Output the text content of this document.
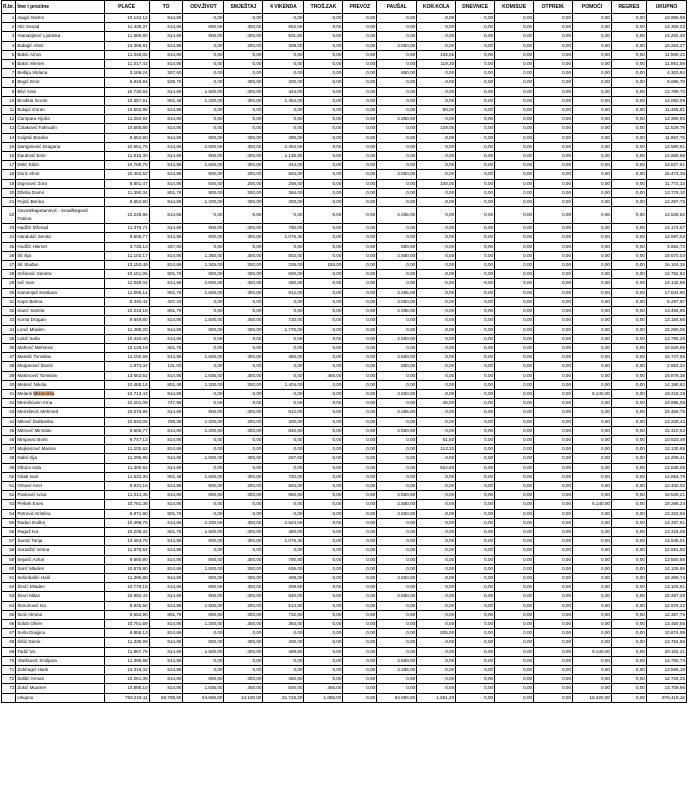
R.br.	Ime i prezime	PLAĆE	TO	ODV.ŽIVOT	SMJEŠTAJ	4 VIKENDA	TROŠ.ZAK	PREVOZ	PAUŠAL	KOR.KOLA	DNEVNICE	KOMISIJE	OTPREM.	POMOĆI	REGRES	UKUPNO
1	Alagić Nezim	10.142,12	814,86	0,00	0,00	0,00	0,00	0,00	0,00	0,00	0,00	0,00	0,00	0,00	0,00	10.956,98
2	Alić Senad	11.439,37	814,86	900,00	300,00	852,00	0,00	0,00	0,00	0,00	0,00	0,00	0,00	0,00	0,00	14.306,23
3	Atanasijević Ljubinka	11.685,80	814,86	900,00	300,00	501,60	0,00	0,00	0,00	0,00	0,00	0,00	0,00	0,00	0,00	14.202,26
4	Babajić Almir	10.388,81	814,86	0,00	300,00	309,60	0,00	0,00	2.550,00	0,00	0,00	0,00	0,00	0,00	0,00	15.263,27
5	Babić Amra	11.048,02	814,86	0,00	0,00	0,00	0,00	0,00	0,00	106,55	0,00	0,00	0,00	0,00	0,00	11.969,43
6	Babić Mirnes	11.017,43	814,86	0,00	0,00	0,00	0,00	0,00	0,00	119,30	0,00	0,00	0,00	0,00	0,00	11.951,59
7	Bešlija Vildana	3.186,24	267,60	0,00	0,00	0,00	0,00	0,00	850,00	0,00	0,00	0,00	0,00	0,00	0,00	4.303,84
8	Begić Emir	6.946,94	539,76	0,00	300,00	200,00	0,00	0,00	0,00	0,00	0,00	0,00	0,00	0,00	0,00	8.086,70
9	Bilić Anto	10.730,84	814,86	1.500,00	300,00	444,00	0,00	0,00	0,00	0,00	0,00	0,00	0,00	0,00	0,00	13.789,70
10	Brođeta Goran	10.357,61	801,48	1.200,00	300,00	1.404,00	0,00	0,00	0,00	0,00	0,00	0,00	0,00	0,00	0,00	14.063,09
11	Bulajić Goran	10.592,95	814,86	0,00	0,00	0,00	0,00	0,00	0,00	58,00	0,00	0,00	0,00	0,00	0,00	11.465,81
12	Čampara Aljoša	11.204,94	814,86	0,00	0,00	0,00	0,00	0,00	2.380,00	0,00	0,00	0,00	0,00	0,00	0,00	14.399,80
13	Čolaković Fahrudin	10.585,88	814,86	0,00	0,00	0,00	0,00	0,00	0,00	129,05	0,00	0,00	0,00	0,00	0,00	11.529,79
14	Cvijetić Branka	9.652,90	814,86	900,00	300,00	390,00	0,00	0,00	0,00	0,00	0,00	0,00	0,00	0,00	0,00	11.967,76
15	Damjanović Dragana	10.561,75	814,86	1.500,00	300,00	1.404,00	0,00	0,00	0,00	0,00	0,00	0,00	0,00	0,00	0,00	14.580,61
16	Dautović Emir	11.515,30	814,86	900,00	300,00	1.138,80	0,00	0,00	0,00	0,00	0,00	0,00	0,00	0,00	0,00	14.668,96
17	Delić Eldin	10.768,75	814,86	1.500,00	300,00	444,00	0,00	0,00	0,00	0,00	0,00	0,00	0,00	0,00	0,00	13.827,61
18	Dorić Almir	10.404,52	814,86	900,00	300,00	504,00	0,00	0,00	2.550,00	0,00	0,00	0,00	0,00	0,00	0,00	15.473,38
19	Dujmović Zora	9.801,47	814,86	600,00	200,00	256,00	0,00	0,00	0,00	100,00	0,00	0,00	0,00	0,00	0,00	11.772,33
20	Džeba Damir	11.390,34	801,76	900,00	300,00	384,00	0,00	0,00	0,00	0,00	0,00	0,00	0,00	0,00	0,00	13.776,10
21	Fejzić Berina	9.652,90	814,86	1.200,00	300,00	300,00	0,00	0,00	0,00	0,00	0,00	0,00	0,00	0,00	0,00	12.267,76
22	Gavrankapetanović - Smailbegović Fatima	10.245,96	814,86	0,00	0,00	0,00	0,00	0,00	2.465,00	0,00	0,00	0,00	0,00	0,00	0,00	13.525,82
23	Hadžić Dževad	11.378,71	814,86	900,00	300,00	780,00	0,00	0,00	0,00	0,00	0,00	0,00	0,00	0,00	0,00	14.173,57
24	Handukić Senita	9.605,77	814,86	900,00	300,00	1.076,40	0,00	0,00	0,00	0,00	0,00	0,00	0,00	0,00	0,00	12.697,03
25	Hodžić Hikmet	3.735,13	267,60	0,00	0,00	0,00	0,00	0,00	850,00	0,00	0,00	0,00	0,00	0,00	0,00	4.852,73
26	Ilić Ilija	11.103,17	814,86	1.350,00	300,00	552,00	0,00	0,00	2.550,00	0,00	0,00	0,00	0,00	0,00	0,00	16.670,03
27	Ilić Slađan	13.153,49	814,86	1.345,00	300,00	336,00	155,00	0,00	0,00	0,00	0,00	0,00	0,00	0,00	0,00	16.104,35
28	Imširović Sandra	10.151,06	801,76	900,00	300,00	600,00	0,00	0,00	0,00	0,00	0,00	0,00	0,00	0,00	0,00	12.752,82
29	Ivić Ivan	11.048,02	814,86	1.500,00	300,00	480,00	0,00	0,00	0,00	0,00	0,00	0,00	0,00	0,00	0,00	14.142,88
30	Kamenjaš Svetlana	11.066,14	801,76	1.500,00	300,00	912,00	0,00	0,00	2.465,00	0,00	0,00	0,00	0,00	0,00	0,00	17.044,90
31	Kapo Belma	5.340,44	407,43	0,00	0,00	0,00	0,00	0,00	2.550,00	0,00	0,00	0,00	0,00	0,00	0,00	8.297,87
32	Kiarić Sanela	10.218,19	801,76	0,00	0,00	0,00	0,00	0,00	2.465,00	0,00	0,00	0,00	0,00	0,00	0,00	13.484,95
33	Konta Dragan	9.649,80	814,86	1.500,00	300,00	720,00	0,00	0,00	0,00	0,00	0,00	0,00	0,00	0,00	0,00	13.184,66
34	Lonić Mladen	11.489,20	814,86	900,00	300,00	1.776,00	0,00	0,00	0,00	0,00	0,00	0,00	0,00	0,00	0,00	15.280,06
35	Lukić Saša	10.420,40	814,86	0,00	0,00	0,00	0,00	0,00	2.550,00	0,00	0,00	0,00	0,00	0,00	0,00	13.785,26
36	Mahmić Mehmed	10.128,19	801,76	0,00	0,00	0,00	0,00	0,00	0,00	0,00	0,00	0,00	0,00	0,00	0,00	10.929,95
37	Mandić Tomislav	11.102,69	814,86	1.500,00	300,00	480,00	0,00	0,00	2.550,00	0,00	0,00	0,00	0,00	0,00	0,00	16.747,55
38	Marjanović Damir	1.873,34	131,00	0,00	0,00	0,00	0,00	0,00	850,00	0,00	0,00	0,00	0,00	0,00	0,00	2.854,34
39	Martinović Tomislav	13.663,52	814,86	1.635,00	300,00	0,00	465,00	0,00	0,00	0,00	0,00	0,00	0,00	0,00	0,00	16.878,38
40	Meterić Nikola	10.485,14	801,48	1.200,00	300,00	1.404,00	0,00	0,00	0,00	0,00	0,00	0,00	0,00	0,00	0,00	14.190,62
41	Melank Mizemirka	10.713,43	814,86	0,00	0,00	0,00	0,00	0,00	2.550,00	0,00	0,00	0,00	0,00	5.140,00	0,00	19.218,29
42	Memišćanin Irma	10.201,09	747,96	0,00	0,00	0,00	0,00	0,00	0,00	46,00	0,00	0,00	0,00	0,00	0,00	10.995,05
43	Memišević Mehmed	10.076,89	814,86	900,00	300,00	912,00	0,00	0,00	2.465,00	0,00	0,00	0,00	0,00	0,00	0,00	15.468,75
44	Milović Dalibonka	10.640,05	788,38	1.200,00	300,00	300,00	0,00	0,00	0,00	0,00	0,00	0,00	0,00	0,00	0,00	13.228,43
45	Mitrović Miroslav	9.605,77	814,86	1.200,00	300,00	840,00	0,00	0,00	2.550,00	0,00	0,00	0,00	0,00	0,00	0,00	15.310,63
46	Mrnjavac Boris	9.747,13	814,86	0,00	0,00	0,00	0,00	0,00	0,00	61,50	0,00	0,00	0,00	0,00	0,00	10.623,49
47	Mujkanović Marina	11.202,62	814,86	0,00	0,00	0,00	0,00	0,00	0,00	113,20	0,00	0,00	0,00	0,00	0,00	12.130,68
48	Nakić Ilija	11.295,95	814,86	1.500,00	300,00	297,60	0,00	0,00	0,00	0,00	0,00	0,00	0,00	0,00	0,00	14.208,41
49	Obuća Aida	11.400,62	814,86	0,00	0,00	0,00	0,00	0,00	0,00	622,60	0,00	0,00	0,00	0,00	0,00	12.838,08
50	Odak Ivan	11.533,30	801,48	1.500,00	300,00	720,00	0,00	0,00	0,00	0,00	0,00	0,00	0,00	0,00	0,00	14.854,78
51	Orlović Amir	9.931,16	814,86	900,00	300,00	504,00	0,00	0,00	0,00	0,00	0,00	0,00	0,00	0,00	0,00	12.450,02
52	Pavković Ivica	11.014,35	814,86	900,00	300,00	960,00	0,00	0,00	2.550,00	0,00	0,00	0,00	0,00	0,00	0,00	16.539,21
53	Peštek Enes	10.781,38	814,86	0,00	0,00	0,00	0,00	0,00	2.550,00	0,00	0,00	0,00	0,00	5.140,00	0,00	19.286,24
54	Petrović Kristina	9.971,80	801,76	0,00	0,00	0,00	0,00	0,00	2.550,00	0,00	0,00	0,00	0,00	0,00	0,00	13.323,56
55	Radun Duško	10.498,75	814,86	1.200,00	300,00	1.524,00	0,00	0,00	0,00	0,00	0,00	0,00	0,00	0,00	0,00	14.337,61
56	Raguž Iva	10.236,32	801,76	1.500,00	300,00	480,00	0,00	0,00	0,00	0,00	0,00	0,00	0,00	0,00	0,00	13.318,08
57	Šantić Tanja	10.453,75	814,86	900,00	300,00	1.076,40	0,00	0,00	0,00	0,00	0,00	0,00	0,00	0,00	0,00	13.545,01
58	Saradžić Vesna	11.876,64	814,86	0,00	0,00	0,00	0,00	0,00	0,00	0,00	0,00	0,00	0,00	0,00	0,00	12.691,50
59	Sejarić Azhar	9.694,90	814,86	900,00	300,00	790,80	0,00	0,00	0,00	0,00	0,00	0,00	0,00	0,00	0,00	12.500,56
60	Šarić Mladen	10.875,80	814,86	1.500,00	300,00	636,00	0,00	0,00	0,00	0,00	0,00	0,00	0,00	0,00	0,00	14.126,66
61	Selimbašić Halil	11.395,88	814,86	900,00	300,00	408,00	0,00	0,00	2.550,00	0,00	0,00	0,00	0,00	0,00	0,00	16.368,74
62	Šimić Mladen	10.779,15	814,86	900,00	300,00	309,60	0,00	0,00	0,00	0,00	0,00	0,00	0,00	0,00	0,00	13.103,61
63	Ševo Milan	10.992,43	814,86	900,00	300,00	840,00	0,00	0,00	2.550,00	0,00	0,00	0,00	0,00	0,00	0,00	16.397,29
64	Šimunović Ivo	9.845,56	814,86	1.500,00	300,00	514,80	0,00	0,00	0,00	0,00	0,00	0,00	0,00	0,00	0,00	12.975,22
65	Sivić Almina	9.652,90	801,76	900,00	300,00	732,00	0,00	0,00	0,00	0,00	0,00	0,00	0,00	0,00	0,00	12.387,76
66	Soldo Oliver	10.751,69	814,86	1.200,00	300,00	384,00	0,00	0,00	0,00	0,00	0,00	0,00	0,00	0,00	0,00	13.450,55
67	Suša Dragica	9.855,13	814,86	0,00	0,00	0,00	0,00	0,00	0,00	205,00	0,00	0,00	0,00	0,00	0,00	10.874,99
68	Šišić Damir	11.339,99	814,86	900,00	300,00	400,00	0,00	0,00	0,00	0,00	0,00	0,00	0,00	0,00	0,00	13.754,85
69	Tadić Ivo	11.857,75	814,86	1.500,00	300,00	489,60	0,00	0,00	0,00	0,00	0,00	0,00	0,00	5.140,00	0,00	20.102,21
70	Vitešković Smiljana	11.395,88	814,86	0,00	0,00	0,00	0,00	0,00	2.550,00	0,00	0,00	0,00	0,00	0,00	0,00	14.760,74
71	Zahiragić Haris	10.316,32	814,86	0,00	0,00	0,00	0,00	0,00	2.465,00	0,00	0,00	0,00	0,00	0,00	0,00	13.596,18
72	Zaštić Arman	10.261,39	814,86	900,00	300,00	450,00	0,00	0,00	0,00	0,00	0,00	0,00	0,00	0,00	0,00	12.726,25
73	Zukić Muamer	10.895,10	814,86	1.635,00	300,00	600,00	465,00	0,00	0,00	0,00	0,00	0,00	0,00	0,00	0,00	14.709,96
	Ukupno	750.218,11	56.798,65	54.565,00	14.100,00	31.715,20	1.085,00	0,00	52.955,00	1.561,20	0,00	0,00	0,00	15.420,00	0,00	978.418,16
